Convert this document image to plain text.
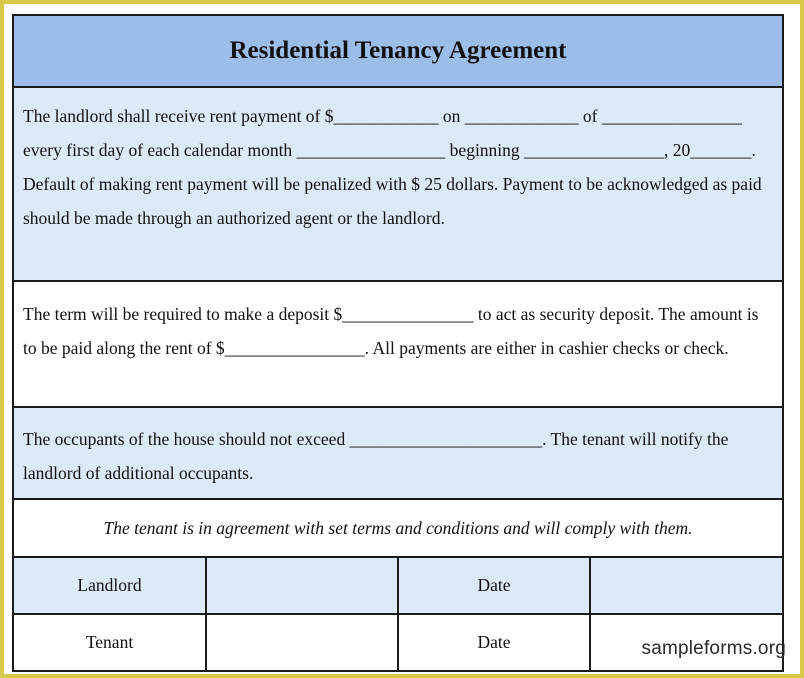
Residential Tenancy Agreement

The landlord shall receive rent payment of $____________ on _____________ of ________________ every first day of each calendar month _________________ beginning ________________, 20_______. Default of making rent payment will be penalized with $ 25 dollars. Payment to be acknowledged as paid should be made through an authorized agent or the landlord.

The term will be required to make a deposit $_______________ to act as security deposit. The amount is to be paid along the rent of $________________. All payments are either in cashier checks or check.

The occupants of the house should not exceed ______________________. The tenant will notify the landlord of additional occupants.

The tenant is in agreement with set terms and conditions and will comply with them.

Landlord		Date	
Tenant		Date		sampleforms.org
